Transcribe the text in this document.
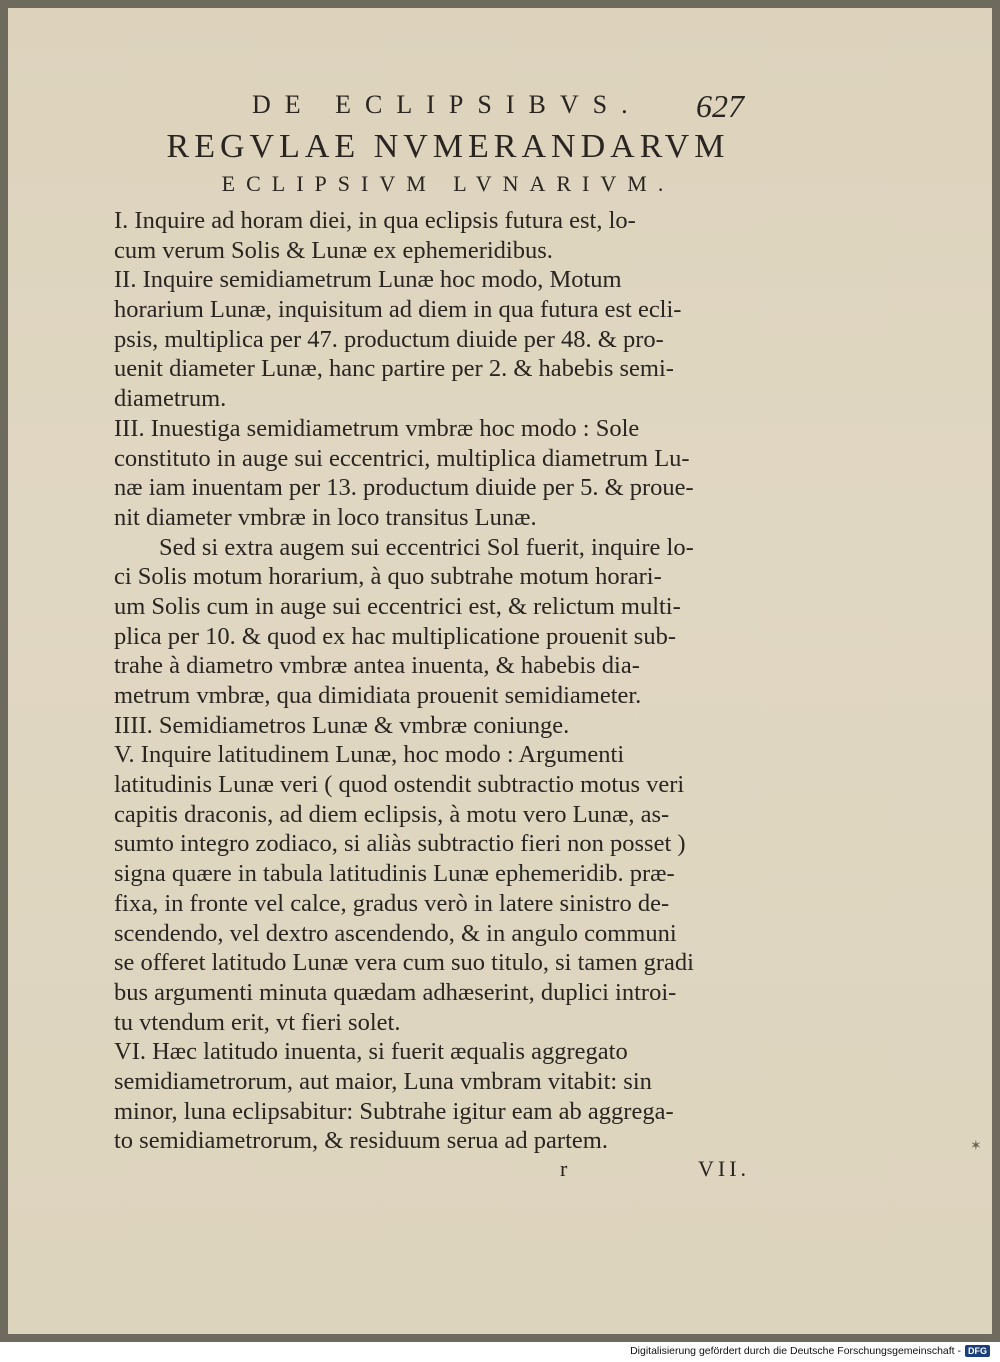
DE ECLIPSIBVS. 627
REGVLAE NVMERANDARVM
ECLIPSIVM LVNARIVM.
I. Inquire ad horam diei, in qua eclipsis futura est, lo-
cum verum Solis & Lunæ ex ephemeridibus.
II. Inquire semidiametrum Lunæ hoc modo, Motum
horarium Lunæ, inquisitum ad diem in qua futura est ecli-
psis, multiplica per 47. productum diuide per 48. & pro-
uenit diameter Lunæ, hanc partire per 2. & habebis semi-
diametrum.
III. Inuestiga semidiametrum vmbræ hoc modo : Sole
constituto in auge sui eccentrici, multiplica diametrum Lu-
næ iam inuentam per 13. productum diuide per 5. & proue-
nit diameter vmbræ in loco transitus Lunæ.
Sed si extra augem sui eccentrici Sol fuerit, inquire lo-
ci Solis motum horarium, à quo subtrahe motum horari-
um Solis cum in auge sui eccentrici est, & relictum multi-
plica per 10. & quod ex hac multiplicatione prouenit sub-
trahe à diametro vmbræ antea inuenta, & habebis dia-
metrum vmbræ, qua dimidiata prouenit semidiameter.
IIII. Semidiametros Lunæ & vmbræ coniunge.
V. Inquire latitudinem Lunæ, hoc modo : Argumenti
latitudinis Lunæ veri ( quod ostendit subtractio motus veri
capitis draconis, ad diem eclipsis, à motu vero Lunæ, as-
sumto integro zodiaco, si aliàs subtractio fieri non posset )
signa quære in tabula latitudinis Lunæ ephemeridib. præ-
fixa, in fronte vel calce, gradus verò in latere sinistro de-
scendendo, vel dextro ascendendo, & in angulo communi
se offeret latitudo Lunæ vera cum suo titulo, si tamen gradi
bus argumenti minuta quædam adhæserint, duplici introi-
tu vtendum erit, vt fieri solet.
VI. Hæc latitudo inuenta, si fuerit æqualis aggregato
semidiametrorum, aut maior, Luna vmbram vitabit: sin
minor, luna eclipsabitur: Subtrahe igitur eam ab aggrega-
to semidiametrorum, & residuum serua ad partem.
r	VII.
✶
Digitalisierung gefördert durch die Deutsche Forschungsgemeinschaft - DFG
